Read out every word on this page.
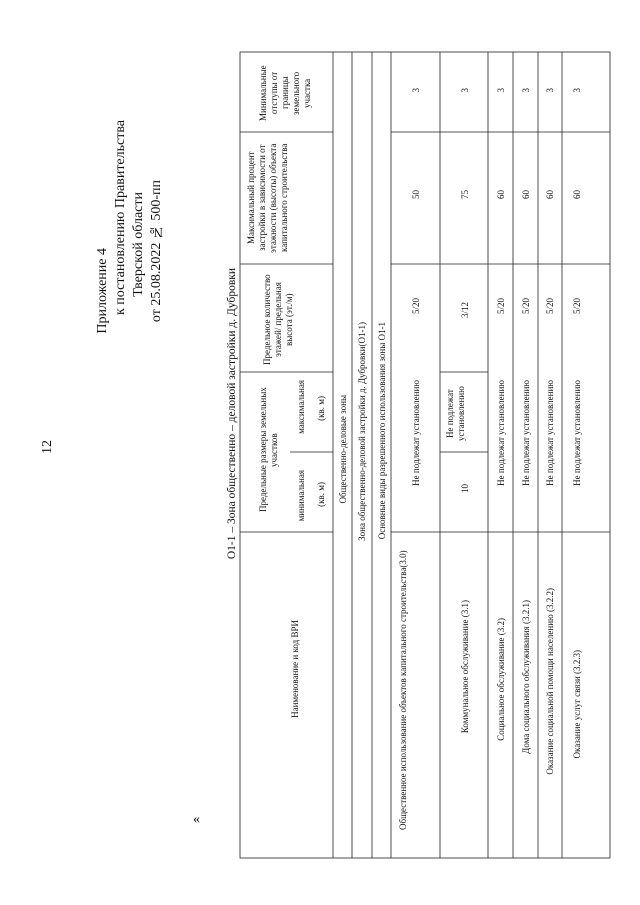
12
Приложение 4 к постановлению Правительства Тверской области от 25.08.2022 № 500-пп
«
О1-1 – Зона общественно – деловой застройки д. Дубровки
Наименование и код ВРИ
Предельные размеры земельных участков
минимальная (кв. м)
максимальная (кв. м)
Предельное количество этажей/ предельная высота (эт./м)
Максимальный процент застройки в зависимости от этажности (высоты) объекта капитального строительства
Минимальные отступы от границы земельного участка
Общественно-деловые зоны Зона общественно-деловой застройки д. Дубровки(О1-1) Основные виды разрешенного использования зоны О1-1
Общественное использование объектов капитального строительства(3.0)
Не подлежат установлению
5/20
50
3
Коммунальное обслуживание (3.1)
10
Не подлежат установлению
3/12
75
3
Социальное обслуживание (3.2)
Не подлежат установлению
5/20
60
3
Дома социального обслуживания (3.2.1)
Не подлежат установлению
5/20
60
3
Оказание социальной помощи населению (3.2.2)
Не подлежат установлению
5/20
60
3
Оказание услуг связи (3.2.3)
Не подлежат установлению
5/20
60
3
